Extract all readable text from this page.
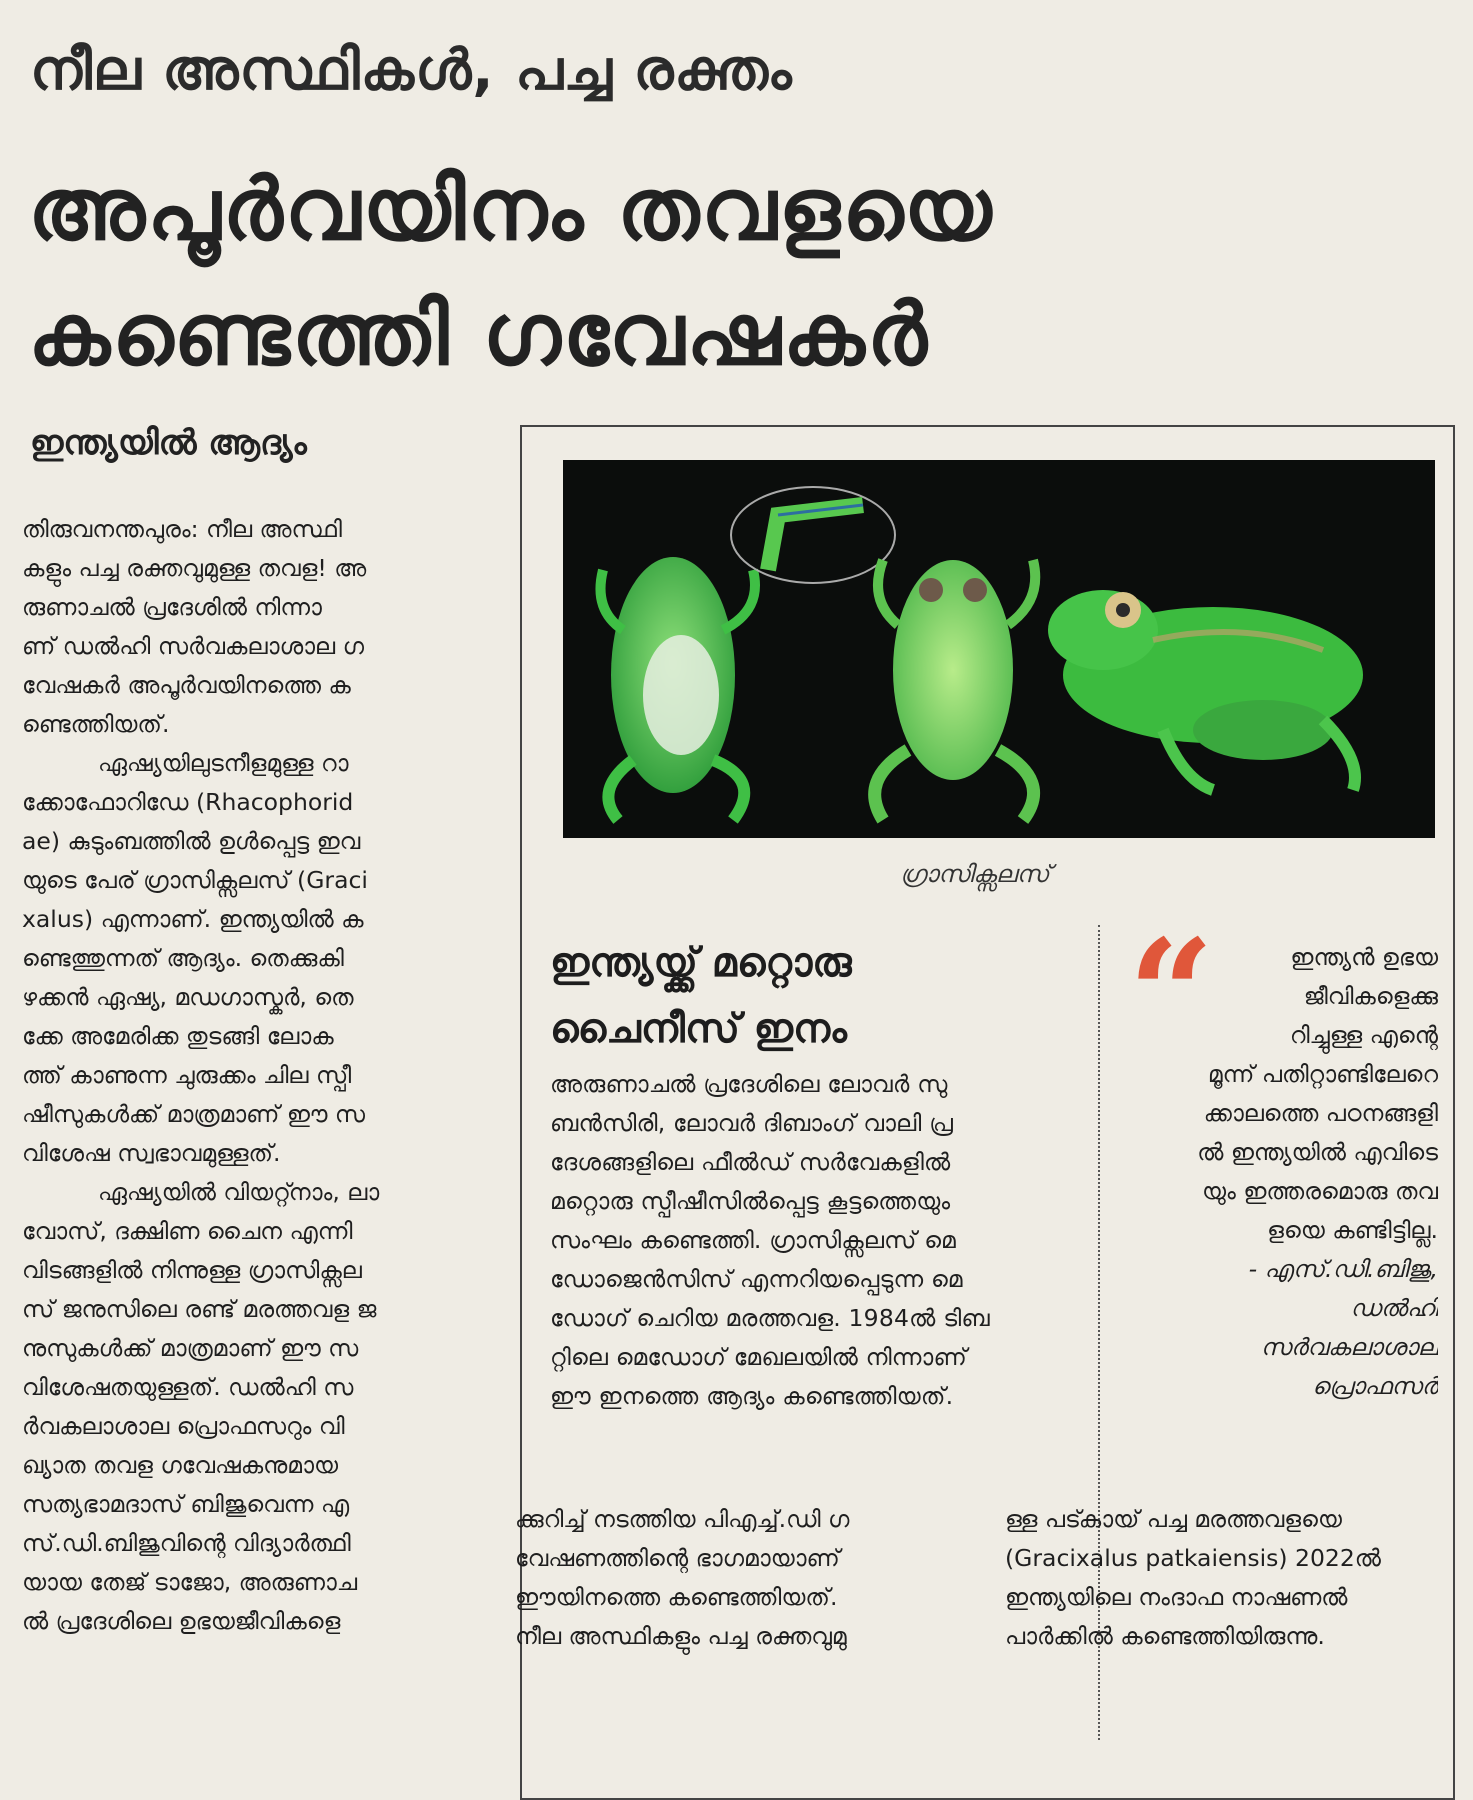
നീല അസ്ഥികൾ, പച്ച രക്തം
അപൂർവയിനം തവളയെ
കണ്ടെത്തി ഗവേഷകർ
ഇന്ത്യയിൽ ആദ്യം
തിരുവനന്തപുരം: നീല അസ്ഥി
കളും പച്ച രക്തവുമുള്ള തവള! അ
രുണാചൽ പ്രദേശിൽ നിന്നാ
ണ് ഡൽഹി സർവകലാശാല ഗ
വേഷകർ അപൂർവയിനത്തെ ക
ണ്ടെത്തിയത്.
ഏഷ്യയിലുടനീളമുള്ള റാ
ക്കോഫോറിഡേ (Rhacophorid
ae) കുടുംബത്തിൽ ഉൾപ്പെട്ട ഇവ
യുടെ പേര് ഗ്രാസിക്സലസ് (Graci
xalus) എന്നാണ്. ഇന്ത്യയിൽ ക
ണ്ടെത്തുന്നത് ആദ്യം. തെക്കുകി
ഴക്കൻ ഏഷ്യ, മഡഗാസ്കർ, തെ
ക്കേ അമേരിക്ക തുടങ്ങി ലോക
ത്ത് കാണുന്ന ചുരുക്കം ചില സ്പീ
ഷീസുകൾക്ക് മാത്രമാണ് ഈ സ
വിശേഷ സ്വഭാവമുള്ളത്.
ഏഷ്യയിൽ വിയറ്റ്നാം, ലാ
വോസ്, ദക്ഷിണ ചൈന എന്നി
വിടങ്ങളിൽ നിന്നുള്ള ഗ്രാസിക്സല
സ് ജനുസിലെ രണ്ട് മരത്തവള ജ
നുസുകൾക്ക് മാത്രമാണ് ഈ സ
വിശേഷതയുള്ളത്. ഡൽഹി സ
ർവകലാശാല പ്രൊഫസറും വി
ഖ്യാത തവള ഗവേഷകനുമായ
സത്യഭാമദാസ് ബിജുവെന്ന എ
സ്.ഡി.ബിജുവിന്റെ വിദ്യാർത്ഥി
യായ തേജ് ടാജോ, അരുണാച
ൽ പ്രദേശിലെ ഉഭയജീവികളെ
ഗ്രാസിക്സലസ്
ഇന്ത്യയ്ക്ക് മറ്റൊരു
ചൈനീസ് ഇനം
അരുണാചൽ പ്രദേശിലെ ലോവർ സു
ബൻസിരി, ലോവർ ദിബാംഗ് വാലി പ്ര
ദേശങ്ങളിലെ ഫീൽഡ് സർവേകളിൽ
മറ്റൊരു സ്പീഷീസിൽപ്പെട്ട കൂട്ടത്തെയും
സംഘം കണ്ടെത്തി. ഗ്രാസിക്സലസ് മെ
ഡോജെൻസിസ് എന്നറിയപ്പെടുന്ന മെ
ഡോഗ് ചെറിയ മരത്തവള. 1984ൽ ടിബ
റ്റിലെ മെഡോഗ് മേഖലയിൽ നിന്നാണ്
ഈ ഇനത്തെ ആദ്യം കണ്ടെത്തിയത്.
“	ഇന്ത്യൻ ഉഭയ
ജീവികളെക്കു
റിച്ചുള്ള എന്റെ
മൂന്ന് പതിറ്റാണ്ടിലേറെ
ക്കാലത്തെ പഠനങ്ങളി
ൽ ഇന്ത്യയിൽ എവിടെ
യും ഇത്തരമൊരു തവ
ളയെ കണ്ടിട്ടില്ല.
- എസ്.ഡി.ബിജു,
ഡൽഹി
സർവകലാശാല
പ്രൊഫസർ
ക്കുറിച്ച് നടത്തിയ പിഎച്ച്.ഡി ഗ
വേഷണത്തിന്റെ ഭാഗമായാണ്
ഈയിനത്തെ കണ്ടെത്തിയത്.
നീല അസ്ഥികളും പച്ച രക്തവുമു
ള്ള പട്കായ് പച്ച മരത്തവളയെ
(Gracixalus patkaiensis) 2022ൽ
ഇന്ത്യയിലെ നംദാഫ നാഷണൽ
പാർക്കിൽ കണ്ടെത്തിയിരുന്നു.
